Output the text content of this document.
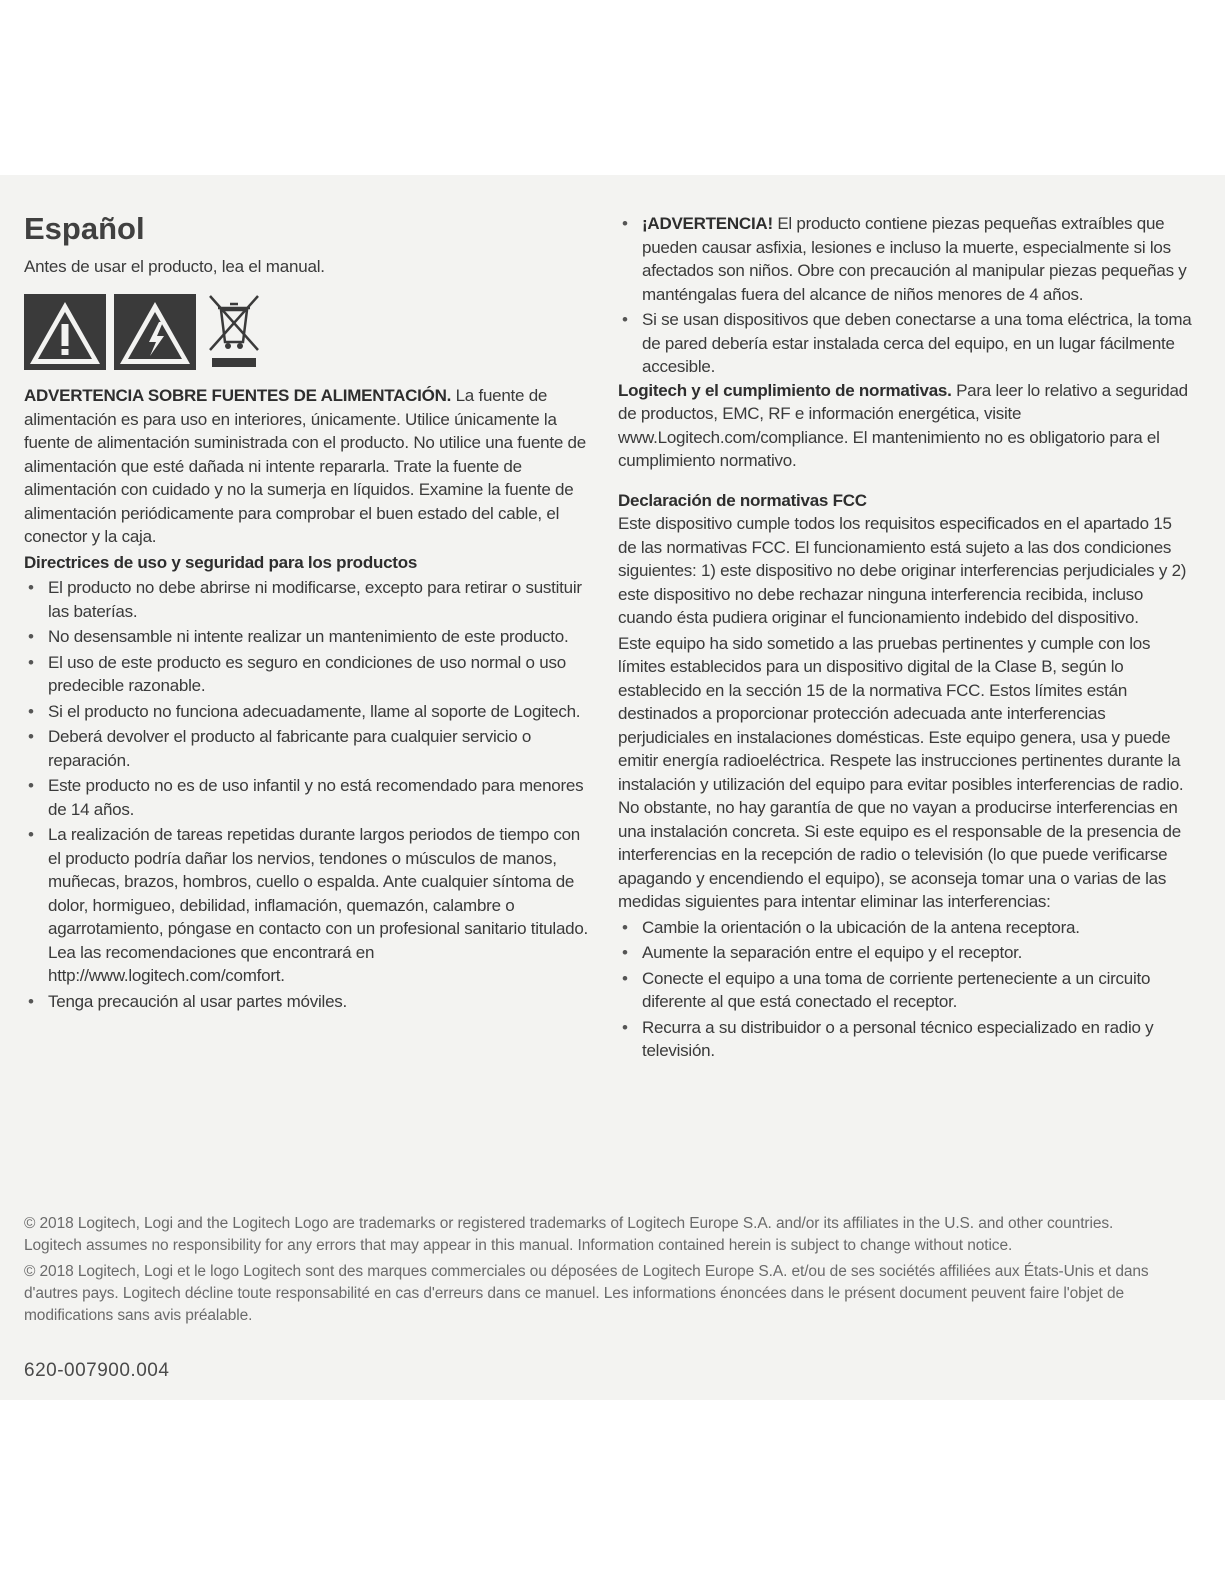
Español

Antes de usar el producto, lea el manual.

ADVERTENCIA SOBRE FUENTES DE ALIMENTACIÓN. La fuente de alimentación es para uso en interiores, únicamente. Utilice únicamente la fuente de alimentación suministrada con el producto. No utilice una fuente de alimentación que esté dañada ni intente repararla. Trate la fuente de alimentación con cuidado y no la sumerja en líquidos. Examine la fuente de alimentación periódicamente para comprobar el buen estado del cable, el conector y la caja.

Directrices de uso y seguridad para los productos

• El producto no debe abrirse ni modificarse, excepto para retirar o sustituir las baterías.
• No desensamble ni intente realizar un mantenimiento de este producto.
• El uso de este producto es seguro en condiciones de uso normal o uso predecible razonable.
• Si el producto no funciona adecuadamente, llame al soporte de Logitech.
• Deberá devolver el producto al fabricante para cualquier servicio o reparación.
• Este producto no es de uso infantil y no está recomendado para menores de 14 años.
• La realización de tareas repetidas durante largos periodos de tiempo con el producto podría dañar los nervios, tendones o músculos de manos, muñecas, brazos, hombros, cuello o espalda. Ante cualquier síntoma de dolor, hormigueo, debilidad, inflamación, quemazón, calambre o agarrotamiento, póngase en contacto con un profesional sanitario titulado. Lea las recomendaciones que encontrará en http://www.logitech.com/comfort.
• Tenga precaución al usar partes móviles.
• ¡ADVERTENCIA! El producto contiene piezas pequeñas extraíbles que pueden causar asfixia, lesiones e incluso la muerte, especialmente si los afectados son niños. Obre con precaución al manipular piezas pequeñas y manténgalas fuera del alcance de niños menores de 4 años.
• Si se usan dispositivos que deben conectarse a una toma eléctrica, la toma de pared debería estar instalada cerca del equipo, en un lugar fácilmente accesible.

Logitech y el cumplimiento de normativas. Para leer lo relativo a seguridad de productos, EMC, RF e información energética, visite www.Logitech.com/compliance. El mantenimiento no es obligatorio para el cumplimiento normativo.

Declaración de normativas FCC

Este dispositivo cumple todos los requisitos especificados en el apartado 15 de las normativas FCC. El funcionamiento está sujeto a las dos condiciones siguientes: 1) este dispositivo no debe originar interferencias perjudiciales y 2) este dispositivo no debe rechazar ninguna interferencia recibida, incluso cuando ésta pudiera originar el funcionamiento indebido del dispositivo.

Este equipo ha sido sometido a las pruebas pertinentes y cumple con los límites establecidos para un dispositivo digital de la Clase B, según lo establecido en la sección 15 de la normativa FCC. Estos límites están destinados a proporcionar protección adecuada ante interferencias perjudiciales en instalaciones domésticas. Este equipo genera, usa y puede emitir energía radioeléctrica. Respete las instrucciones pertinentes durante la instalación y utilización del equipo para evitar posibles interferencias de radio. No obstante, no hay garantía de que no vayan a producirse interferencias en una instalación concreta. Si este equipo es el responsable de la presencia de interferencias en la recepción de radio o televisión (lo que puede verificarse apagando y encendiendo el equipo), se aconseja tomar una o varias de las medidas siguientes para intentar eliminar las interferencias:

• Cambie la orientación o la ubicación de la antena receptora.
• Aumente la separación entre el equipo y el receptor.
• Conecte el equipo a una toma de corriente perteneciente a un circuito diferente al que está conectado el receptor.
• Recurra a su distribuidor o a personal técnico especializado en radio y televisión.

© 2018 Logitech, Logi and the Logitech Logo are trademarks or registered trademarks of Logitech Europe S.A. and/or its affiliates in the U.S. and other countries. Logitech assumes no responsibility for any errors that may appear in this manual. Information contained herein is subject to change without notice.

© 2018 Logitech, Logi et le logo Logitech sont des marques commerciales ou déposées de Logitech Europe S.A. et/ou de ses sociétés affiliées aux États-Unis et dans d'autres pays. Logitech décline toute responsabilité en cas d'erreurs dans ce manuel. Les informations énoncées dans le présent document peuvent faire l'objet de modifications sans avis préalable.

620-007900.004
